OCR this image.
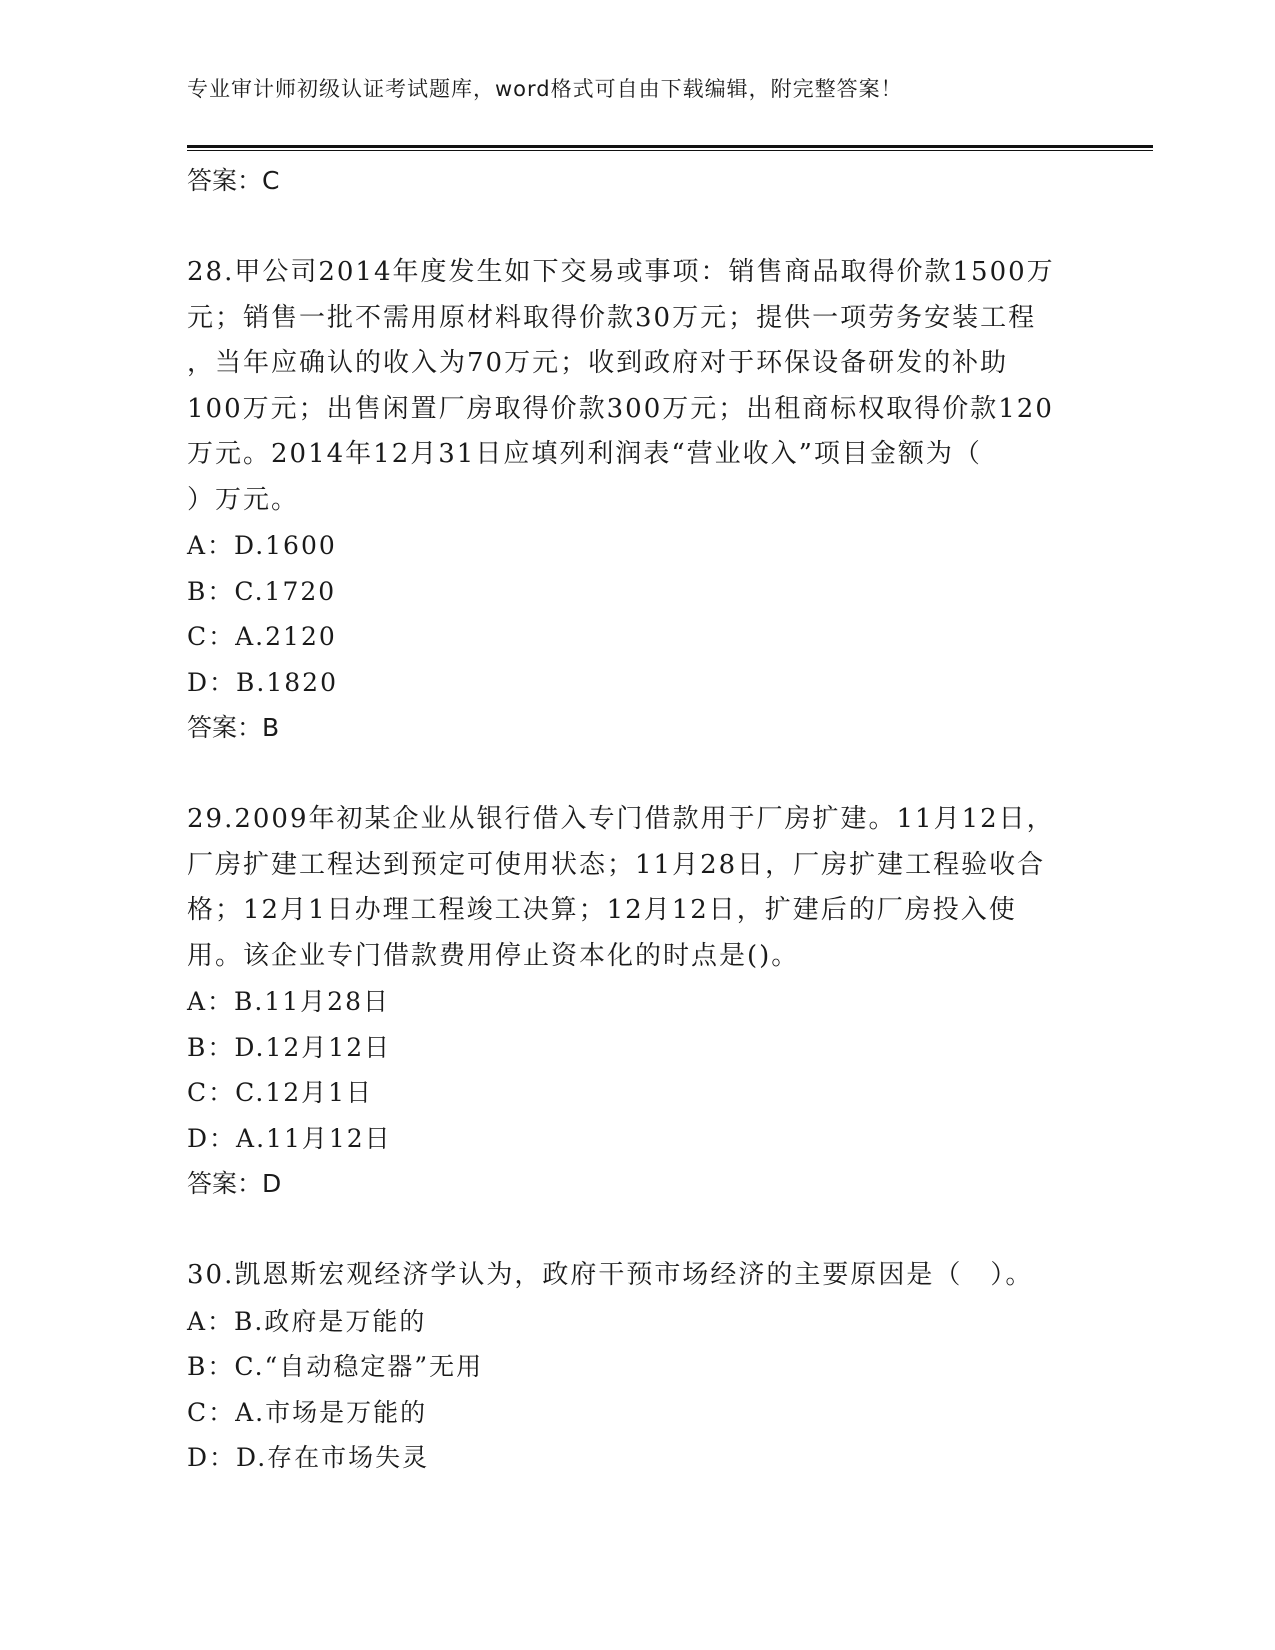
专业审计师初级认证考试题库，word格式可自由下载编辑，附完整答案！
答案：C
28.甲公司2014年度发生如下交易或事项：销售商品取得价款1500万
元；销售一批不需用原材料取得价款30万元；提供一项劳务安装工程
，当年应确认的收入为70万元；收到政府对于环保设备研发的补助
100万元；出售闲置厂房取得价款300万元；出租商标权取得价款120
万元。2014年12月31日应填列利润表“营业收入”项目金额为（
）万元。
A：D.1600
B：C.1720
C：A.2120
D：B.1820
答案：B
29.2009年初某企业从银行借入专门借款用于厂房扩建。11月12日，
厂房扩建工程达到预定可使用状态；11月28日，厂房扩建工程验收合
格；12月1日办理工程竣工决算；12月12日，扩建后的厂房投入使
用。该企业专门借款费用停止资本化的时点是()。
A：B.11月28日
B：D.12月12日
C：C.12月1日
D：A.11月12日
答案：D
30.凯恩斯宏观经济学认为，政府干预市场经济的主要原因是（　）。
A：B.政府是万能的
B：C.“自动稳定器”无用
C：A.市场是万能的
D：D.存在市场失灵
